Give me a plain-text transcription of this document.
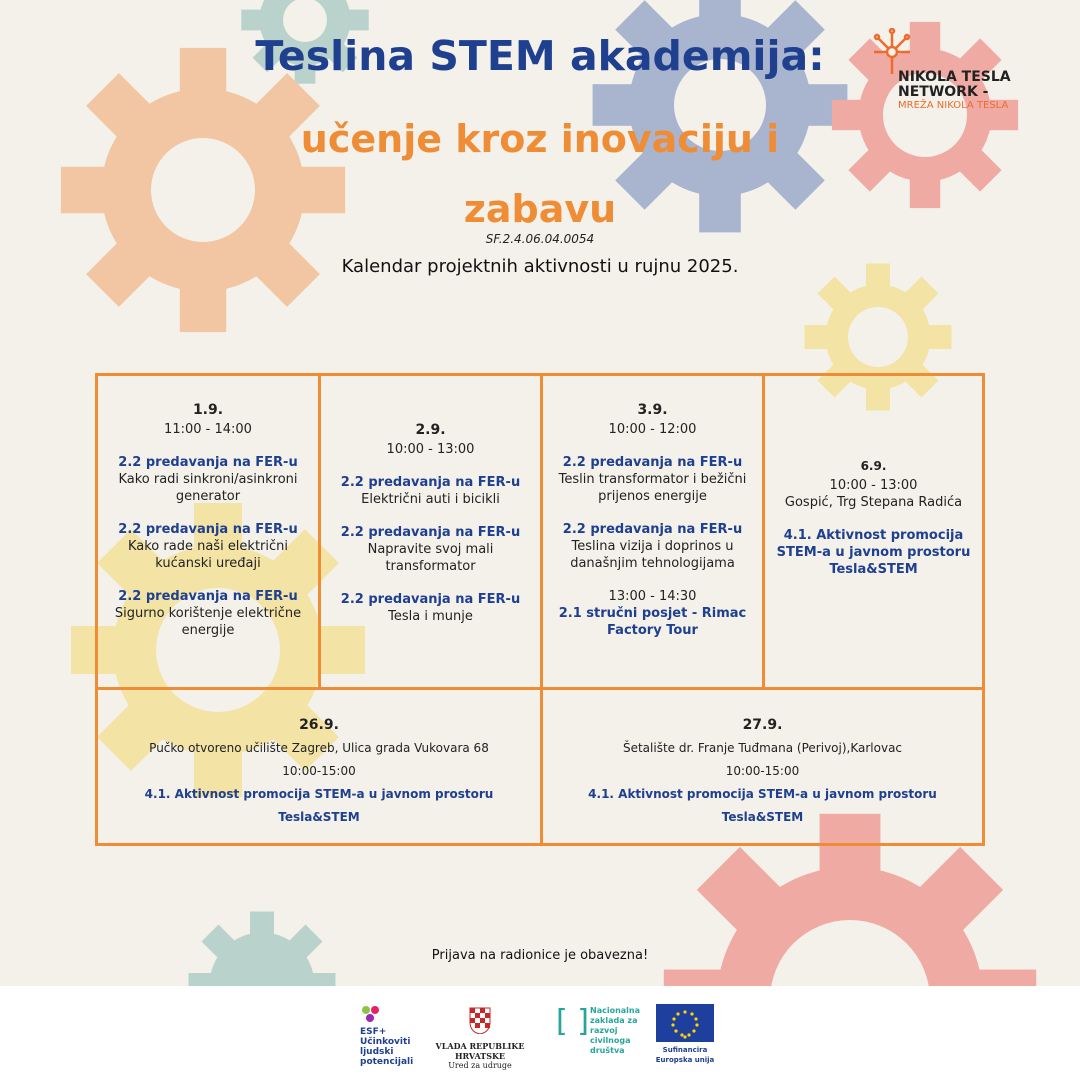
Teslina STEM akademija:
učenje kroz inovaciju i
zabavu
SF.2.4.06.04.0054
Kalendar projektnih aktivnosti u rujnu 2025.
NIKOLA TESLA
NETWORK -
MREŽA NIKOLA TESLA
1.9.
11:00 - 14:00
2.2 predavanja na FER-u
Kako radi sinkroni/asinkroni generator
2.2 predavanja na FER-u
Kako rade naši električni kućanski uređaji
2.2 predavanja na FER-u
Sigurno korištenje električne energije
2.9.
10:00 - 13:00
2.2 predavanja na FER-u
Električni auti i bicikli
2.2 predavanja na FER-u
Napravite svoj mali transformator
2.2 predavanja na FER-u
Tesla i munje
3.9.
10:00 - 12:00
2.2 predavanja na FER-u
Teslin transformator i bežični prijenos energije
2.2 predavanja na FER-u
Teslina vizija i doprinos u današnjim tehnologijama
13:00 - 14:30
2.1 stručni posjet - Rimac Factory Tour
6.9.
10:00 - 13:00
Gospić, Trg Stepana Radića
4.1. Aktivnost promocija STEM-a u javnom prostoru
Tesla&STEM
26.9.
Pučko otvoreno učilište Zagreb, Ulica grada Vukovara 68
10:00-15:00
4.1. Aktivnost promocija STEM-a u javnom prostoru
Tesla&STEM
27.9.
Šetalište dr. Franje Tuđmana (Perivoj),Karlovac
10:00-15:00
4.1. Aktivnost promocija STEM-a u javnom prostoru
Tesla&STEM
Prijava na radionice je obavezna!
ESF+
Učinkoviti ljudski potencijali
VLADA REPUBLIKE HRVATSKE
Ured za udruge
[ ] Nacionalna zaklada za razvoj civilnoga društva	Sufinancira Europska unija
